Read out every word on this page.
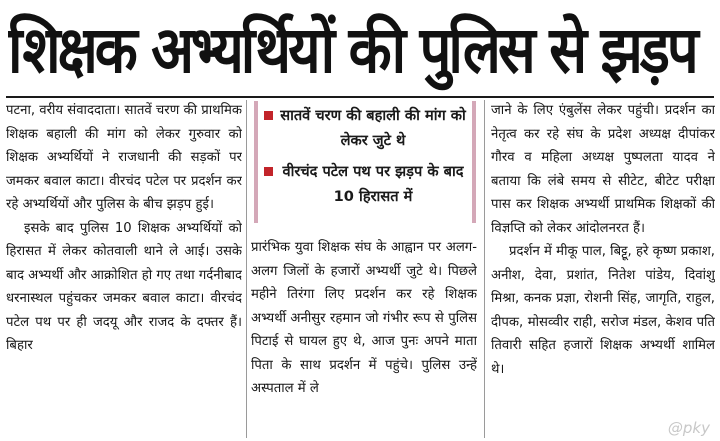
शिक्षक अभ्यर्थियों की पुलिस से झड़प

पटना, वरीय संवाददाता। सातवें चरण की प्राथमिक शिक्षक बहाली की मांग को लेकर गुरुवार को शिक्षक अभ्यर्थियों ने राजधानी की सड़कों पर जमकर बवाल काटा। वीरचंद पटेल पर प्रदर्शन कर रहे अभ्यर्थियों और पुलिस के बीच झड़प हुई।

इसके बाद पुलिस 10 शिक्षक अभ्यर्थियों को हिरासत में लेकर कोतवाली थाने ले आई। उसके बाद अभ्यर्थी और आक्रोशित हो गए तथा गर्दनीबाद धरनास्थल पहुंचकर जमकर बवाल काटा। वीरचंद पटेल पथ पर ही जदयू और राजद के दफ्तर हैं। बिहार

सातवें चरण की बहाली की मांग को लेकर जुटे थे
वीरचंद पटेल पथ पर झड़प के बाद 10 हिरासत में

प्रारंभिक युवा शिक्षक संघ के आह्वान पर अलग-अलग जिलों के हजारों अभ्यर्थी जुटे थे। पिछले महीने तिरंगा लिए प्रदर्शन कर रहे शिक्षक अभ्यर्थी अनीसुर रहमान जो गंभीर रूप से पुलिस पिटाई से घायल हुए थे, आज पुनः अपने माता पिता के साथ प्रदर्शन में पहुंचे। पुलिस उन्हें अस्पताल में ले

जाने के लिए एंबुलेंस लेकर पहुंची। प्रदर्शन का नेतृत्व कर रहे संघ के प्रदेश अध्यक्ष दीपांकर गौरव व महिला अध्यक्ष पुष्पलता यादव ने बताया कि लंबे समय से सीटेट, बीटेट परीक्षा पास कर शिक्षक अभ्यर्थी प्राथमिक शिक्षकों की विज्ञप्ति को लेकर आंदोलनरत हैं।

प्रदर्शन में मीकू पाल, बिट्टू, हरे कृष्ण प्रकाश, अनीश, देवा, प्रशांत, नितेश पांडेय, दिवांशु मिश्रा, कनक प्रज्ञा, रोशनी सिंह, जागृति, राहुल, दीपक, मोसव्वीर राही, सरोज मंडल, केशव पति तिवारी सहित हजारों शिक्षक अभ्यर्थी शामिल थे।

@pky
